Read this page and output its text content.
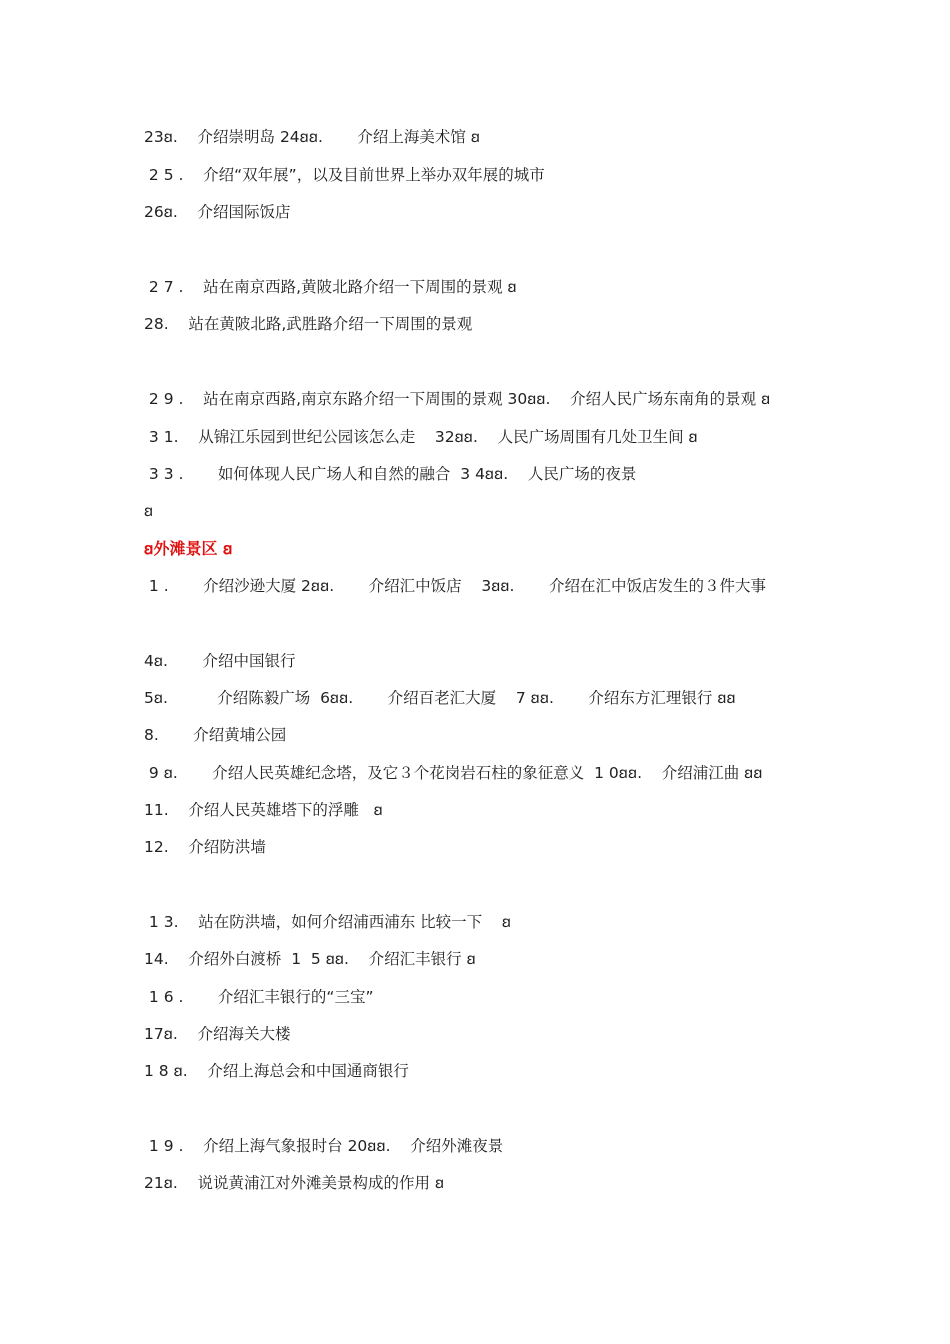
23ꞛ.    介绍崇明岛 24ꞛꞛ.       介绍上海美术馆 ꞛ
2 5 .    介绍“双年展”，以及目前世界上举办双年展的城市
26ꞛ.    介绍国际饭店
2 7 .    站在南京西路,黄陂北路介绍一下周围的景观 ꞛ
28.    站在黄陂北路,武胜路介绍一下周围的景观
2 9 .    站在南京西路,南京东路介绍一下周围的景观 30ꞛꞛ.    介绍人民广场东南角的景观 ꞛ
3 1.    从锦江乐园到世纪公园该怎么走    32ꞛꞛ.    人民广场周围有几处卫生间 ꞛ
3 3 .       如何体现人民广场人和自然的融合  3 4ꞛꞛ.    人民广场的夜景
ꞛ
ꞛ外滩景区 ꞛ
1 .       介绍沙逊大厦 2ꞛꞛ.       介绍汇中饭店    3ꞛꞛ.       介绍在汇中饭店发生的３件大事
4ꞛ.       介绍中国银行
5ꞛ.          介绍陈毅广场  6ꞛꞛ.       介绍百老汇大厦    7 ꞛꞛ.       介绍东方汇理银行 ꞛꞛ
8.       介绍黄埔公园
9 ꞛ.       介绍人民英雄纪念塔，及它３个花岗岩石柱的象征意义  1 0ꞛꞛ.    介绍浦江曲 ꞛꞛ
11.    介绍人民英雄塔下的浮雕   ꞛ
12.    介绍防洪墙
1 3.    站在防洪墙，如何介绍浦西浦东 比较一下    ꞛ
14.    介绍外白渡桥  1  5 ꞛꞛ.    介绍汇丰银行 ꞛ
1 6 .       介绍汇丰银行的“三宝”
17ꞛ.    介绍海关大楼
1 8 ꞛ.    介绍上海总会和中国通商银行
1 9 .    介绍上海气象报时台 20ꞛꞛ.    介绍外滩夜景
21ꞛ.    说说黄浦江对外滩美景构成的作用 ꞛ
